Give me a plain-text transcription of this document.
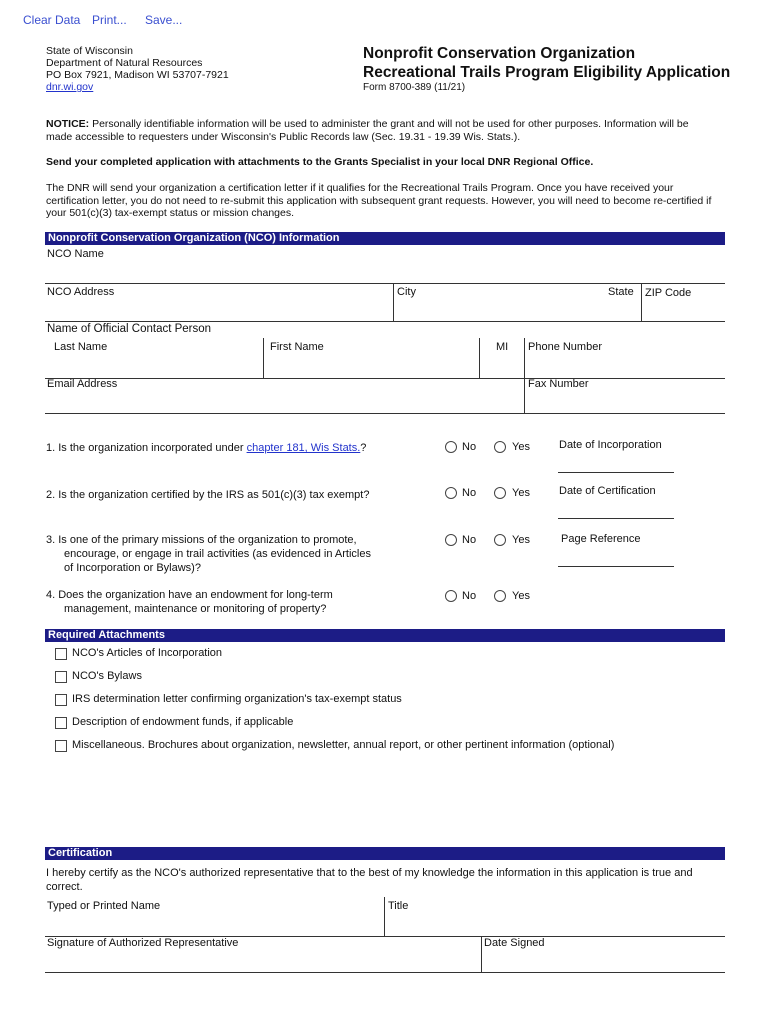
Clear Data Print... Save...
State of Wisconsin
Department of Natural Resources
PO Box 7921, Madison WI 53707-7921
dnr.wi.gov
Nonprofit Conservation Organization
Recreational Trails Program Eligibility Application
Form 8700-389 (11/21)
NOTICE: Personally identifiable information will be used to administer the grant and will not be used for other purposes. Information will be made accessible to requesters under Wisconsin's Public Records law (Sec. 19.31 - 19.39 Wis. Stats.).
Send your completed application with attachments to the Grants Specialist in your local DNR Regional Office.
The DNR will send your organization a certification letter if it qualifies for the Recreational Trails Program. Once you have received your certification letter, you do not need to re-submit this application with subsequent grant requests. However, you will need to become re-certified if your 501(c)(3) tax-exempt status or mission changes.
Nonprofit Conservation Organization (NCO) Information
NCO Name
NCO Address	City	State ZIP Code
Name of Official Contact Person
Last Name	First Name	MI Phone Number
Email Address	Fax Number
1. Is the organization incorporated under chapter 181, Wis Stats.?	No	Yes	Date of Incorporation
2. Is the organization certified by the IRS as 501(c)(3) tax exempt?	No	Yes	Date of Certification
3. Is one of the primary missions of the organization to promote,
encourage, or engage in trail activities (as evidenced in Articles
of Incorporation or Bylaws)?
No	Yes	Page Reference
4. Does the organization have an endowment for long-term
management, maintenance or monitoring of property?
No	Yes
Required Attachments
NCO's Articles of Incorporation
NCO's Bylaws
IRS determination letter confirming organization's tax-exempt status
Description of endowment funds, if applicable
Miscellaneous. Brochures about organization, newsletter, annual report, or other pertinent information (optional)
Certification
I hereby certify as the NCO's authorized representative that to the best of my knowledge the information in this application is true and correct.
Typed or Printed Name	Title
Signature of Authorized Representative	Date Signed
